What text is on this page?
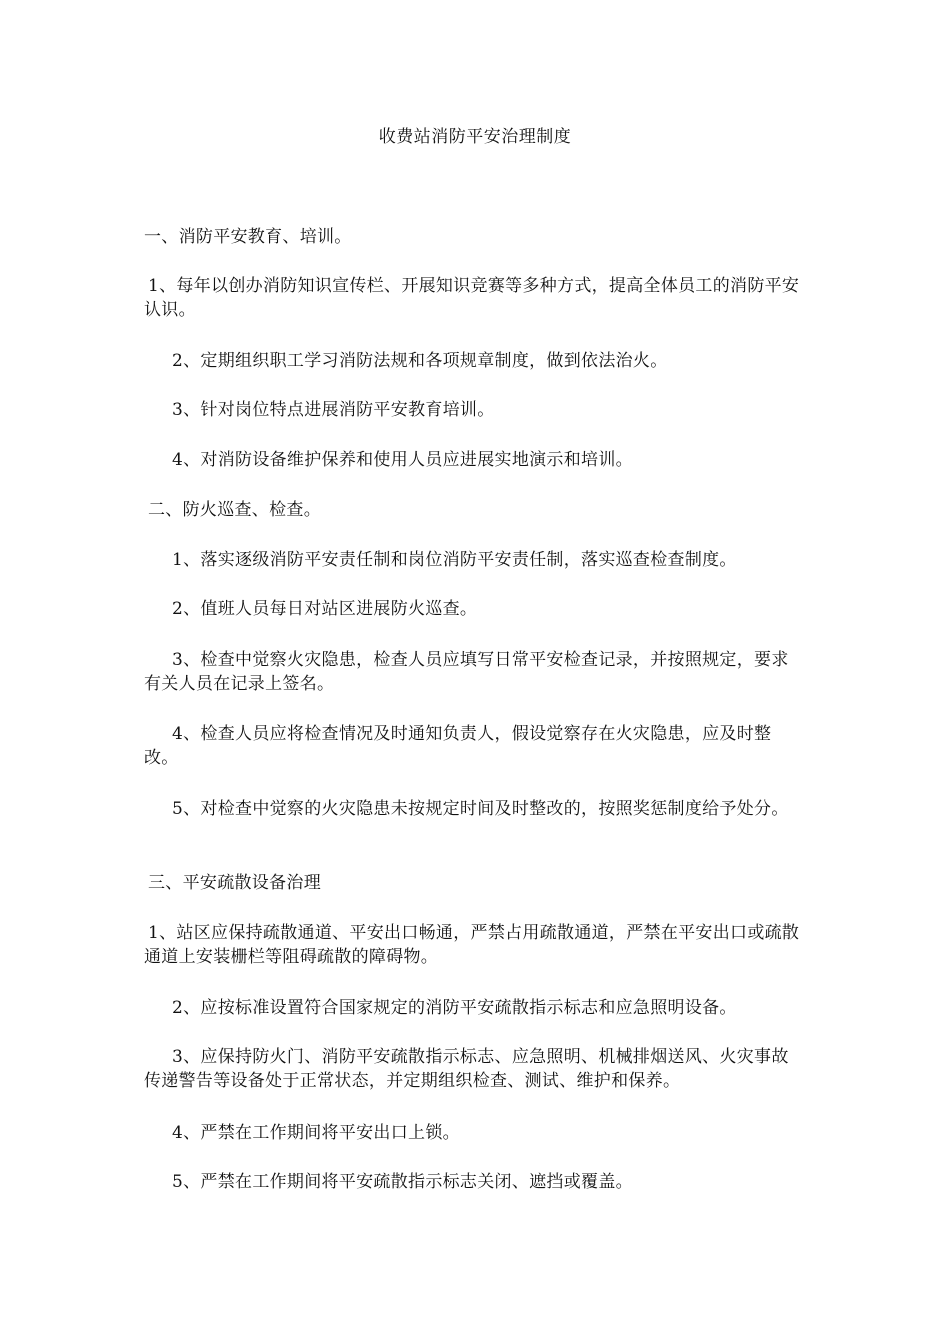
收费站消防平安治理制度

一、消防平安教育、培训。

1、每年以创办消防知识宣传栏、开展知识竞赛等多种方式，提高全体员工的消防平安认识。

2、定期组织职工学习消防法规和各项规章制度，做到依法治火。

3、针对岗位特点进展消防平安教育培训。

4、对消防设备维护保养和使用人员应进展实地演示和培训。

二、防火巡查、检查。

1、落实逐级消防平安责任制和岗位消防平安责任制，落实巡查检查制度。

2、值班人员每日对站区进展防火巡查。

3、检查中觉察火灾隐患，检查人员应填写日常平安检查记录，并按照规定，要求有关人员在记录上签名。

4、检查人员应将检查情况及时通知负责人，假设觉察存在火灾隐患，应及时整改。

5、对检查中觉察的火灾隐患未按规定时间及时整改的，按照奖惩制度给予处分。

三、平安疏散设备治理

1、站区应保持疏散通道、平安出口畅通，严禁占用疏散通道，严禁在平安出口或疏散通道上安装栅栏等阻碍疏散的障碍物。

2、应按标准设置符合国家规定的消防平安疏散指示标志和应急照明设备。

3、应保持防火门、消防平安疏散指示标志、应急照明、机械排烟送风、火灾事故传递警告等设备处于正常状态，并定期组织检查、测试、维护和保养。

4、严禁在工作期间将平安出口上锁。

5、严禁在工作期间将平安疏散指示标志关闭、遮挡或覆盖。
